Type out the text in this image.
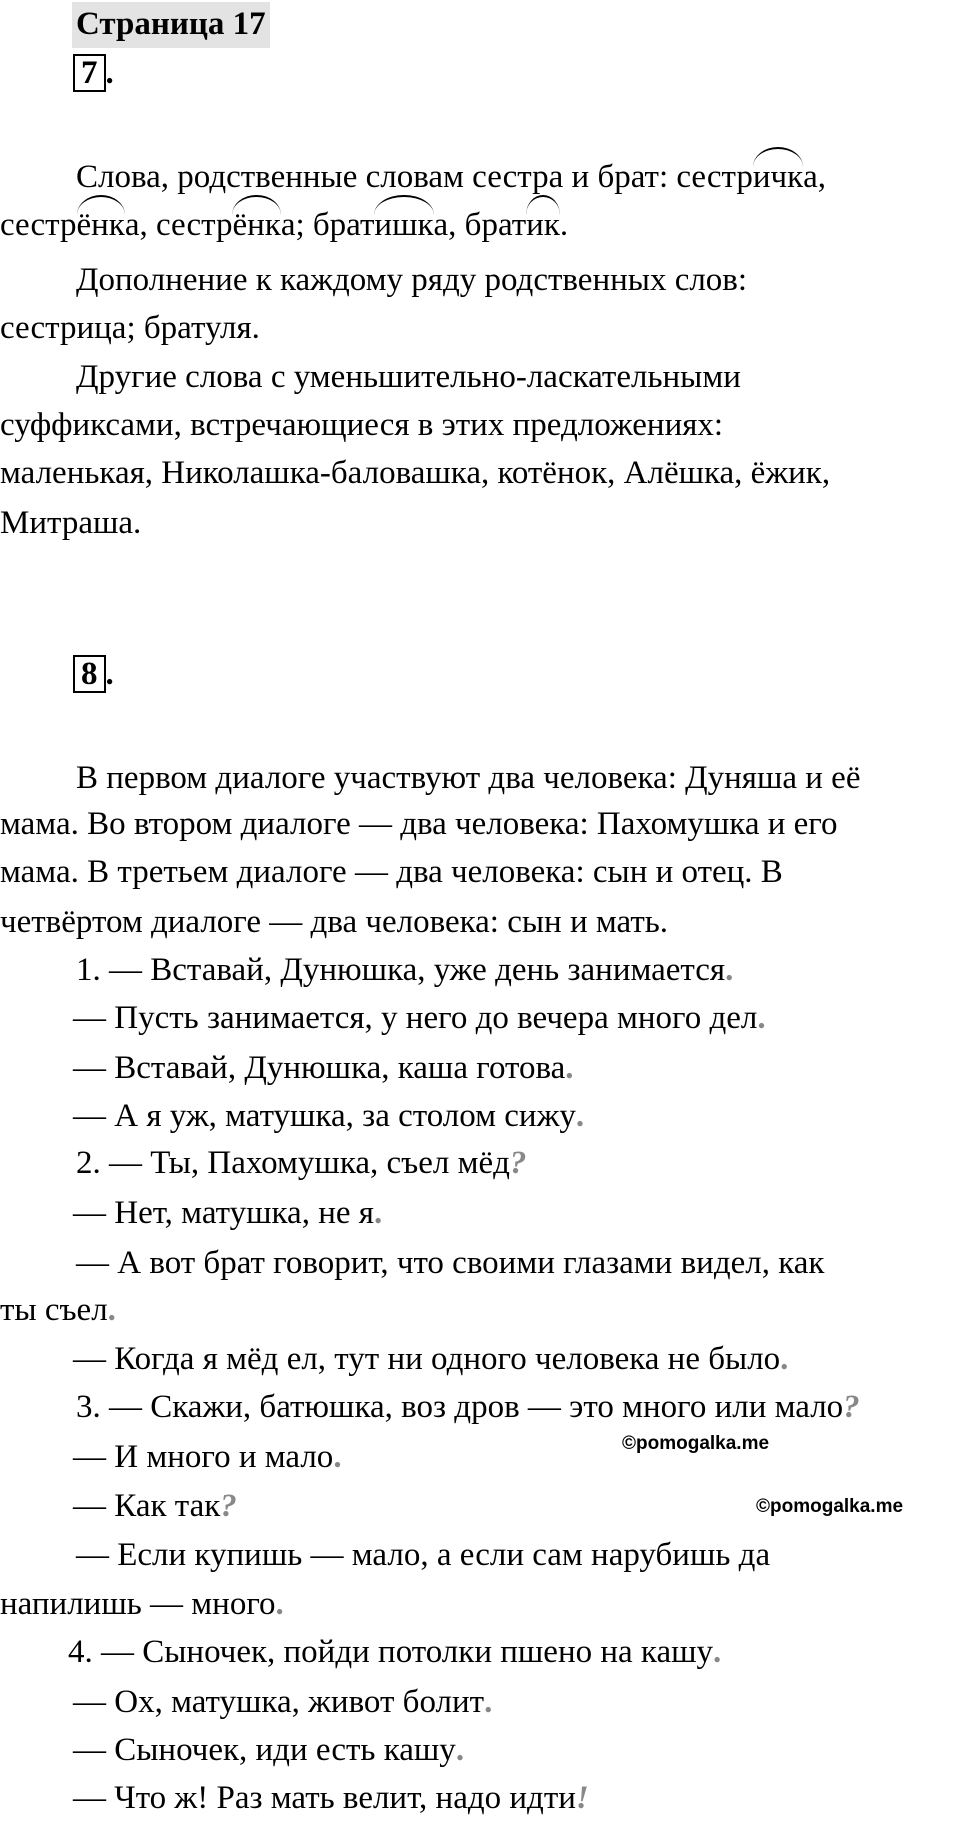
Страница 17
7 .
Слова, родственные словам сестра и брат: сестричка,
сестрёнка, сестрёнка; братишка, братик.
Дополнение к каждому ряду родственных слов:
сестрица; братуля.
Другие слова с уменьшительно-ласкательными
суффиксами, встречающиеся в этих предложениях:
маленькая, Николашка-баловашка, котёнок, Алёшка, ёжик,
Митраша.
8 .
В первом диалоге участвуют два человека: Дуняша и её
мама. Во втором диалоге — два человека: Пахомушка и его
мама. В третьем диалоге — два человека: сын и отец. В
четвёртом диалоге — два человека: сын и мать.
1. — Вставай, Дунюшка, уже день занимается.
— Пусть занимается, у него до вечера много дел.
— Вставай, Дунюшка, каша готова.
— А я уж, матушка, за столом сижу.
2. — Ты, Пахомушка, съел мёд?
— Нет, матушка, не я.
— А вот брат говорит, что своими глазами видел, как
ты съел.
— Когда я мёд ел, тут ни одного человека не было.
3. — Скажи, батюшка, воз дров — это много или мало?
— И много и мало.
— Как так?
— Если купишь — мало, а если сам нарубишь да
напилишь — много.
4. — Сыночек, пойди потолки пшено на кашу.
— Ох, матушка, живот болит.
— Сыночек, иди есть кашу.
— Что ж! Раз мать велит, надо идти!
©pomogalka.me
©pomogalka.me
